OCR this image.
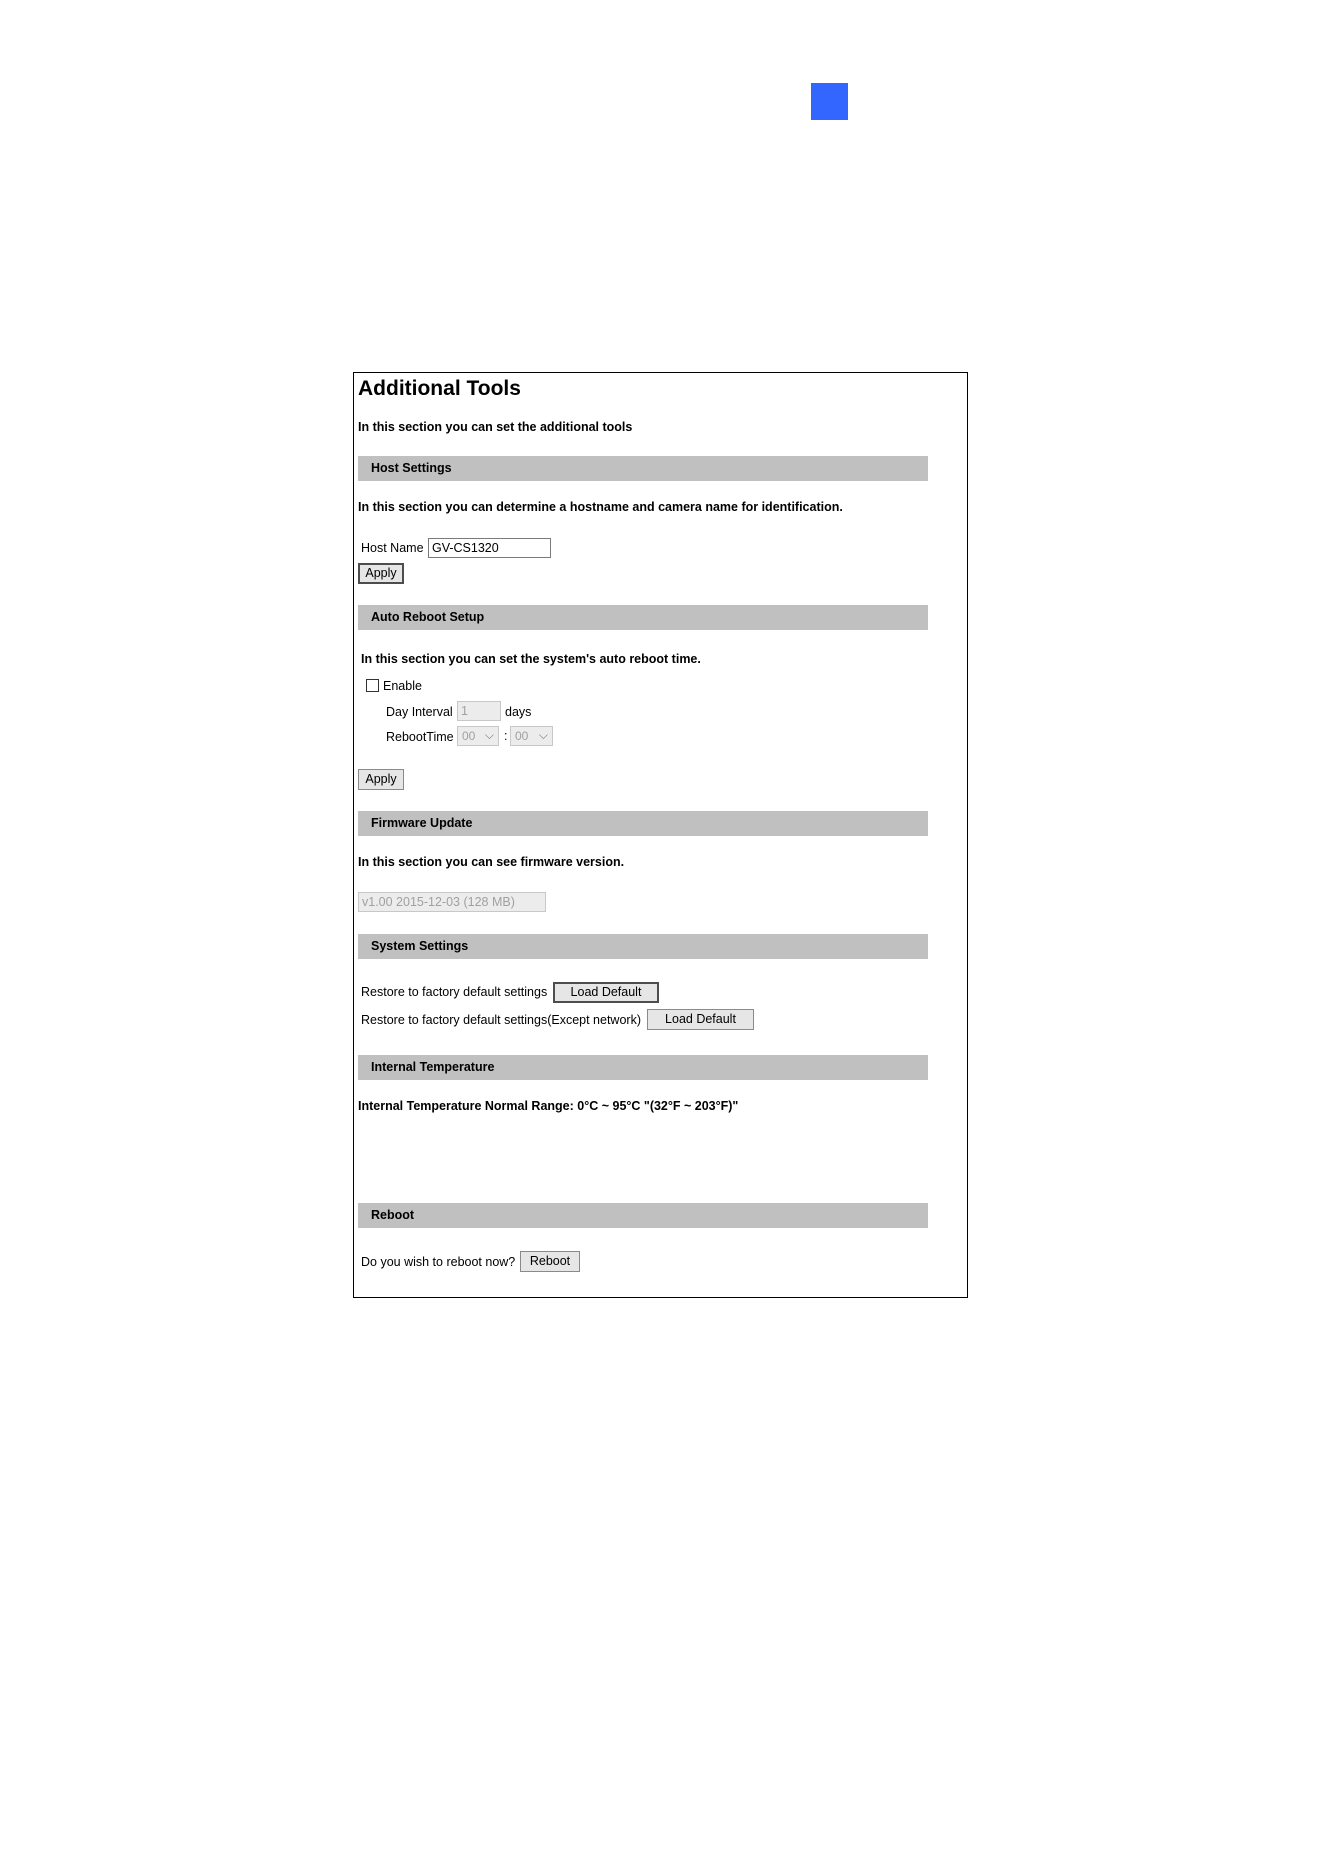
Additional Tools
In this section you can set the additional tools
Host Settings
In this section you can determine a hostname and camera name for identification.
Host Name
GV-CS1320
Apply
Auto Reboot Setup
In this section you can set the system's auto reboot time.
Enable
Day Interval
1	days
RebootTime 00 ⌵ : 00 ⌵
Apply
Firmware Update
In this section you can see firmware version.
v1.00 2015-12-03 (128 MB)
System Settings
Restore to factory default settings	Load Default
Restore to factory default settings(Except network)	Load Default
Internal Temperature
Internal Temperature Normal Range: 0°C ~ 95°C "(32°F ~ 203°F)"
Reboot
Do you wish to reboot now?	Reboot
